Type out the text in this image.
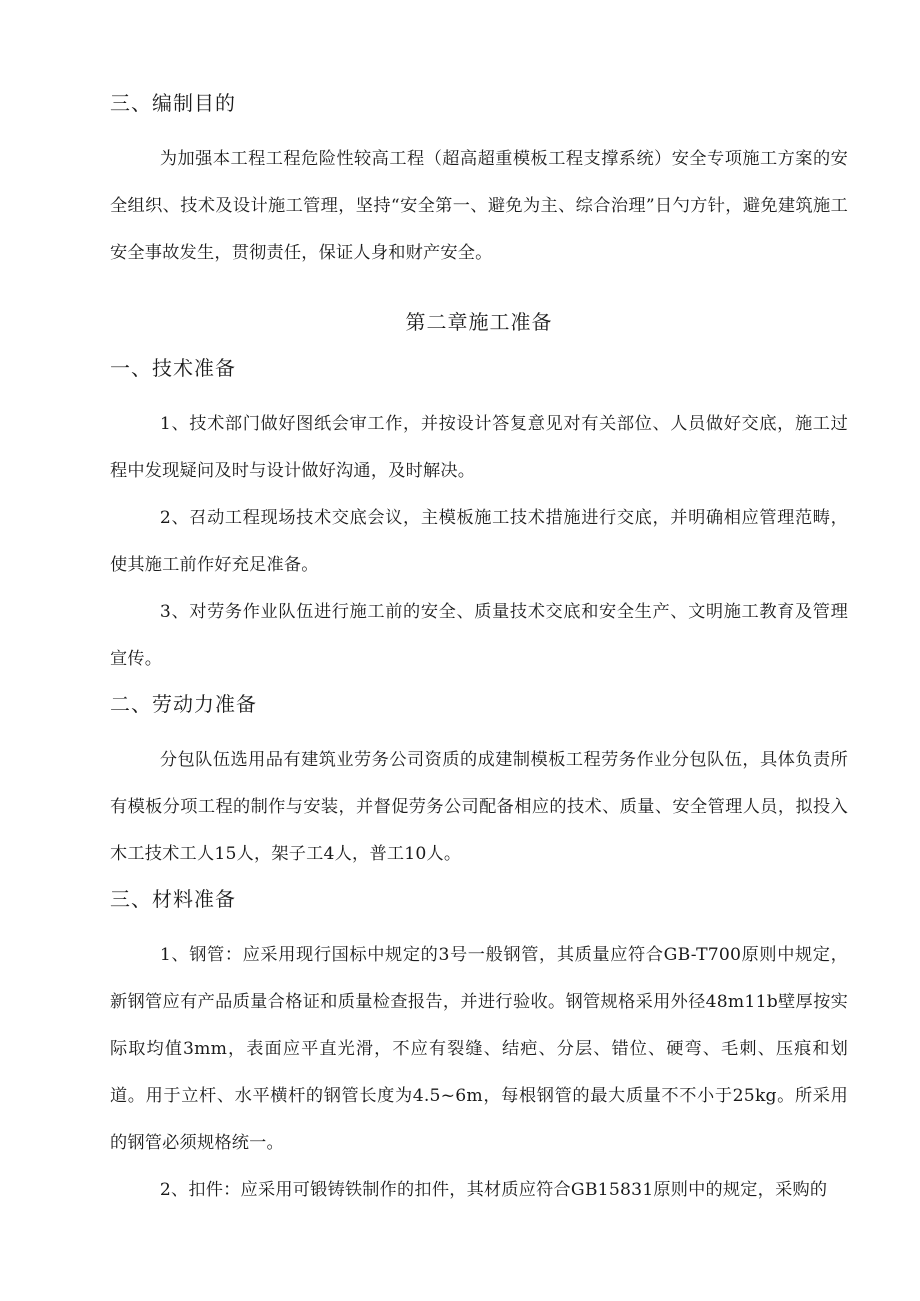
三、编制目的

为加强本工程工程危险性较高工程（超高超重模板工程支撑系统）安全专项施工方案的安全组织、技术及设计施工管理，坚持“安全第一、避免为主、综合治理”日勺方针，避免建筑施工安全事故发生，贯彻责任，保证人身和财产安全。

第二章施工准备
一、技术准备

1、技术部门做好图纸会审工作，并按设计答复意见对有关部位、人员做好交底，施工过程中发现疑问及时与设计做好沟通，及时解决。

2、召动工程现场技术交底会议，主模板施工技术措施进行交底，并明确相应管理范畴，使其施工前作好充足准备。

3、对劳务作业队伍进行施工前的安全、质量技术交底和安全生产、文明施工教育及管理宣传。

二、劳动力准备

分包队伍选用品有建筑业劳务公司资质的成建制模板工程劳务作业分包队伍，具体负责所有模板分项工程的制作与安装，并督促劳务公司配备相应的技术、质量、安全管理人员，拟投入木工技术工人15人，架子工4人，普工10人。

三、材料准备

1、钢管：应采用现行国标中规定的3号一般钢管，其质量应符合GB-T700原则中规定，新钢管应有产品质量合格证和质量检查报告，并进行验收。钢管规格采用外径48m11b壁厚按实际取均值3mm，表面应平直光滑，不应有裂缝、结疤、分层、错位、硬弯、毛刺、压痕和划道。用于立杆、水平横杆的钢管长度为4.5~6m，每根钢管的最大质量不不小于25kg。所采用的钢管必须规格统一。

2、扣件：应采用可锻铸铁制作的扣件，其材质应符合GB15831原则中的规定，采购的
